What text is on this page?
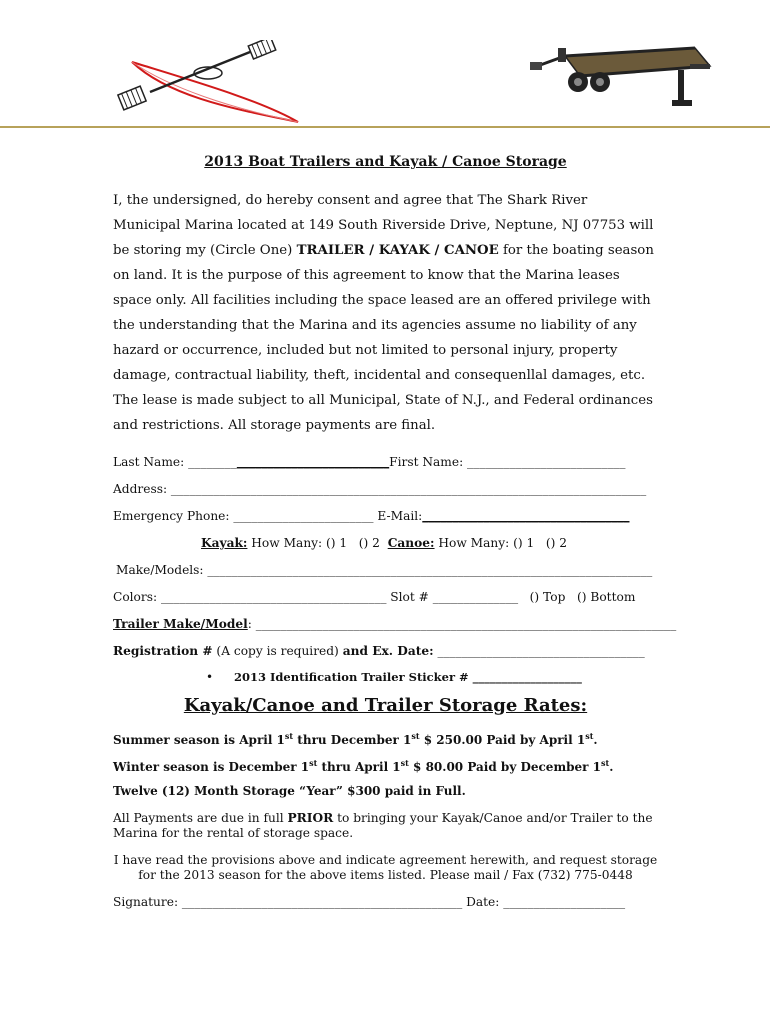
2013 Boat Trailers and Kayak / Canoe Storage

I, the undersigned, do hereby consent and agree that The Shark River Municipal Marina located at 149 South Riverside Drive, Neptune, NJ 07753 will be storing my (Circle One) TRAILER / KAYAK / CANOE for the boating season on land. It is the purpose of this agreement to know that the Marina leases space only. All facilities including the space leased are an offered privilege with the understanding that the Marina and its agencies assume no liability of any hazard or occurrence, included but not limited to personal injury, property damage, contractual liability, theft, incidental and consequenllal damages, etc. The lease is made subject to all Municipal, State of N.J., and Federal ordinances and restrictions. All storage payments are final.

Last Name: _________________________________First Name: __________________________
Address: ______________________________________________________________________________
Emergency Phone: _______________________ E-Mail:__________________________________
Kayak: How Many: () 1   () 2  Canoe: How Many: () 1   () 2
Make/Models: _________________________________________________________________________
Colors: _____________________________________ Slot # ______________   () Top   () Bottom
Trailer Make/Model: _____________________________________________________________________
Registration # (A copy is required) and Ex. Date: __________________________________
• 2013 Identification Trailer Sticker # ___________________
Kayak/Canoe and Trailer Storage Rates:
Summer season is April 1st thru December 1st $ 250.00 Paid by April 1st.
Winter season is December 1st thru April 1st $ 80.00 Paid by December 1st.
Twelve (12) Month Storage “Year” $300 paid in Full.

All Payments are due in full PRIOR to bringing your Kayak/Canoe and/or Trailer to the Marina for the rental of storage space.

I have read the provisions above and indicate agreement herewith, and request storage for the 2013 season for the above items listed. Please mail / Fax (732) 775-0448

Signature: ______________________________________________ Date: ____________________
